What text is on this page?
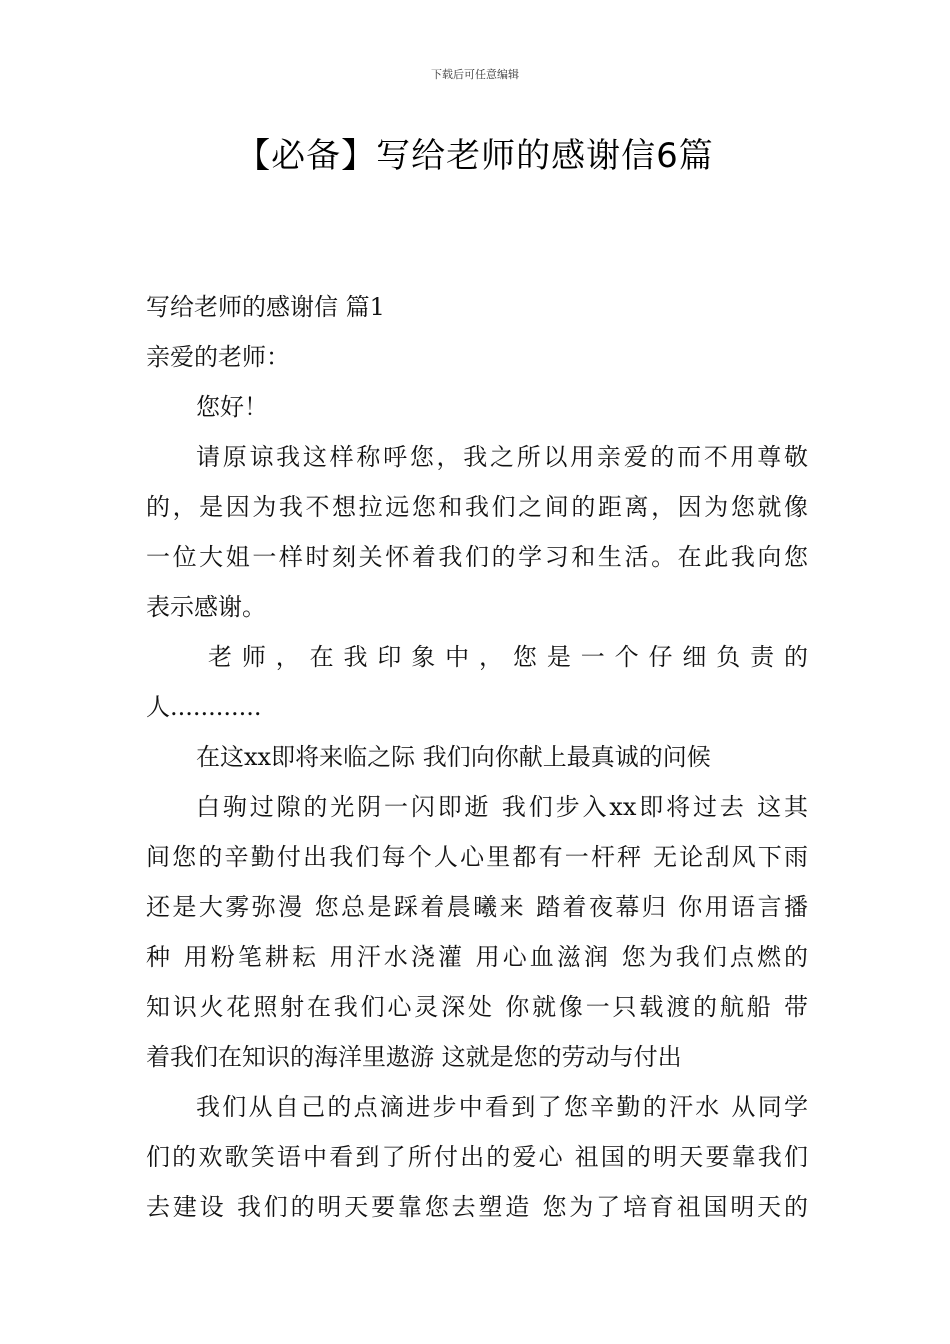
下载后可任意编辑
【必备】写给老师的感谢信6篇
写给老师的感谢信 篇1
亲爱的老师：
您好！
请原谅我这样称呼您，我之所以用亲爱的而不用尊敬
的，是因为我不想拉远您和我们之间的距离，因为您就像
一位大姐一样时刻关怀着我们的学习和生活。在此我向您
表示感谢。
老 师 ， 在 我 印 象 中 ， 您 是 一 个 仔 细 负 责 的
人............
在这xx即将来临之际 我们向你献上最真诚的问候
白驹过隙的光阴一闪即逝 我们步入xx即将过去 这其
间您的辛勤付出我们每个人心里都有一杆秤 无论刮风下雨
还是大雾弥漫 您总是踩着晨曦来 踏着夜幕归 你用语言播
种 用粉笔耕耘 用汗水浇灌 用心血滋润 您为我们点燃的
知识火花照射在我们心灵深处 你就像一只载渡的航船 带
着我们在知识的海洋里遨游 这就是您的劳动与付出
我们从自己的点滴进步中看到了您辛勤的汗水 从同学
们的欢歌笑语中看到了所付出的爱心 祖国的明天要靠我们
去建设 我们的明天要靠您去塑造 您为了培育祖国明天的
